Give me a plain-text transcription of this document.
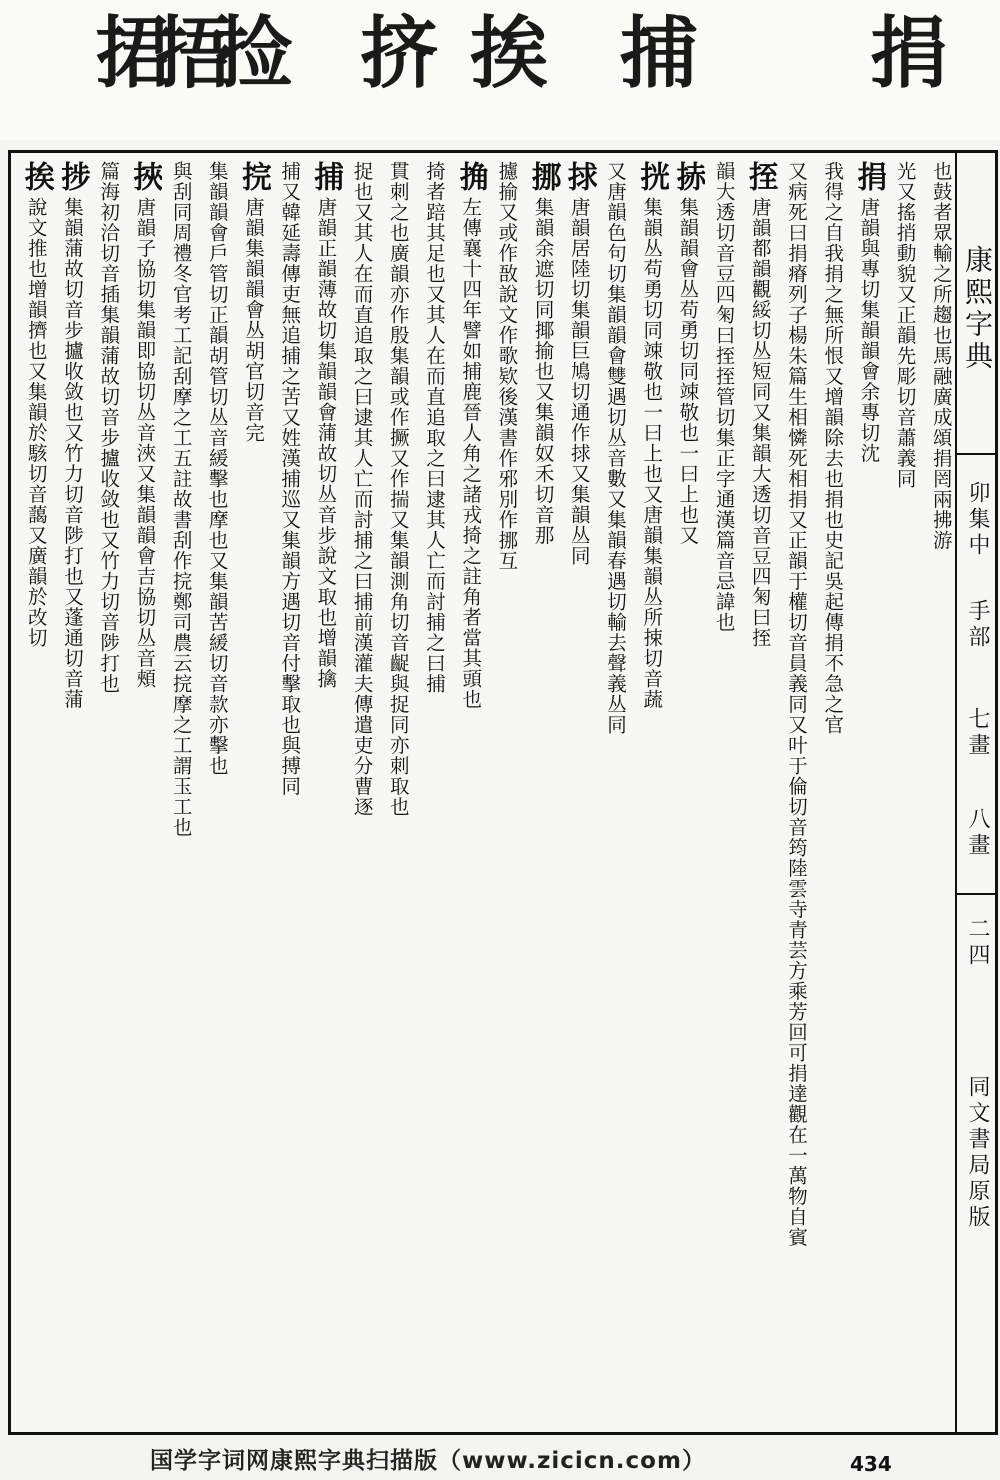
捐
捕
挨
挤
捡
捂
捃
也鼓者眾輸之所趨也馬融廣成頌捐罔兩拂游
光又搖捎動貌又正韻先彫切音蕭義同
捐唐韻與專切集韻韻會余專切沈
我得之自我捐之無所恨又增韻除去也捐也史記吳起傳捐不急之官
又病死曰捐瘠列子楊朱篇生相憐死相捐又正韻于權切音員義同又叶于倫切音筠陸雲寺青芸方乘芳回可捐達觀在一萬物自賓
挃唐韻都韻觀綏切丛短同又集韻大透切音豆四匊曰挃
韻大透切音豆四匊曰挃挃管切集正字通漢篇音忌諱也
捇集韻韻會丛苟勇切同竦敬也一曰上也又
挄集韻丛苟勇切同竦敬也一曰上也又唐韻集韻丛所捒切音蔬
又唐韻色句切集韻韻會雙遇切丛音數又集韻春遇切輸去聲義丛同
捄唐韻居陸切集韻巨鳩切通作捄又集韻丛同
挪集韻余遮切同揶揄也又集韻奴禾切音那
攄揄又或作敔說文作歌欵後漢書作邪別作挪互
捔左傳襄十四年譬如捕鹿晉人角之諸戎掎之註角者當其頭也
掎者踣其足也又其人在而直追取之曰逮其人亡而討捕之曰捕
貫刺之也廣韻亦作殷集韻或作撅又作揣又集韻測角切音齪與捉同亦刺取也
捉也又其人在而直追取之曰逮其人亡而討捕之曰捕前漢灌夫傳遣吏分曹逐
捕唐韻正韻薄故切集韻韻會蒲故切丛音步說文取也增韻擒
捕又韓延壽傳吏無追捕之苦又姓漢捕巡又集韻方遇切音付擊取也與搏同
捖唐韻集韻韻會丛胡官切音完
集韻韻會戶管切正韻胡管切丛音緩擊也摩也又集韻苦緩切音款亦擊也
與刮同周禮冬官考工記刮摩之工五註故書刮作捖鄭司農云捖摩之工謂玉工也
挾唐韻子協切集韻即協切丛音浹又集韻韻會吉協切丛音頰
篇海初洽切音插集韻蒲故切音步攎收敛也又竹力切音陟打也
捗集韻蒲故切音步攎收敛也又竹力切音陟打也又蓬通切音蒲
挨說文推也增韻擠也又集韻於駭切音藹又廣韻於改切	康熙字典
卯集中
手部
七畫
八畫
二四
同文書局原版
国学字词网康熙字典扫描版（www.zicicn.com）	434
